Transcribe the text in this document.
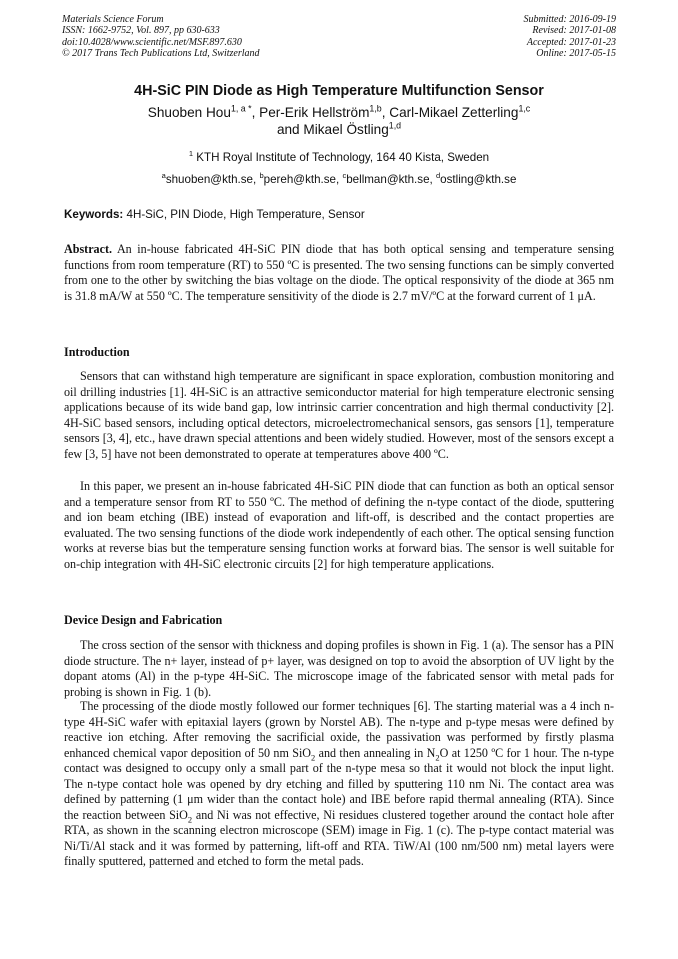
Materials Science Forum
ISSN: 1662-9752, Vol. 897, pp 630-633
doi:10.4028/www.scientific.net/MSF.897.630
© 2017 Trans Tech Publications Ltd, Switzerland
Submitted: 2016-09-19
Revised: 2017-01-08
Accepted: 2017-01-23
Online: 2017-05-15
4H-SiC PIN Diode as High Temperature Multifunction Sensor
Shuoben Hou$^{1, a *}$, Per-Erik Hellström$^{1,b}$, Carl-Mikael Zetterling$^{1,c}$
and Mikael Östling$^{1,d}$
$^1$ KTH Royal Institute of Technology, 164 40 Kista, Sweden
$^a$shuoben@kth.se, $^b$pereh@kth.se, $^c$bellman@kth.se, $^d$ostling@kth.se
Keywords: 4H-SiC, PIN Diode, High Temperature, Sensor

Abstract. An in-house fabricated 4H-SiC PIN diode that has both optical sensing and temperature sensing functions from room temperature (RT) to 550 ºC is presented. The two sensing functions can be simply converted from one to the other by switching the bias voltage on the diode. The optical responsivity of the diode at 365 nm is 31.8 mA/W at 550 ºC. The temperature sensitivity of the diode is 2.7 mV/ºC at the forward current of 1 μA.

Introduction

Sensors that can withstand high temperature are significant in space exploration, combustion monitoring and oil drilling industries [1]. 4H-SiC is an attractive semiconductor material for high temperature electronic sensing applications because of its wide band gap, low intrinsic carrier concentration and high thermal conductivity [2]. 4H-SiC based sensors, including optical detectors, microelectromechanical sensors, gas sensors [1], temperature sensors [3, 4], etc., have drawn special attentions and been widely studied. However, most of the sensors except a few [3, 5] have not been demonstrated to operate at temperatures above 400 ºC.

In this paper, we present an in-house fabricated 4H-SiC PIN diode that can function as both an optical sensor and a temperature sensor from RT to 550 ºC. The method of defining the n-type contact of the diode, sputtering and ion beam etching (IBE) instead of evaporation and lift-off, is described and the contact properties are evaluated. The two sensing functions of the diode work independently of each other. The optical sensing function works at reverse bias but the temperature sensing function works at forward bias. The sensor is well suitable for on-chip integration with 4H-SiC electronic circuits [2] for high temperature applications.

Device Design and Fabrication

The cross section of the sensor with thickness and doping profiles is shown in Fig. 1 (a). The sensor has a PIN diode structure. The n+ layer, instead of p+ layer, was designed on top to avoid the absorption of UV light by the dopant atoms (Al) in the p-type 4H-SiC. The microscope image of the fabricated sensor with metal pads for probing is shown in Fig. 1 (b).

The processing of the diode mostly followed our former techniques [6]. The starting material was a 4 inch n-type 4H-SiC wafer with epitaxial layers (grown by Norstel AB). The n-type and p-type mesas were defined by reactive ion etching. After removing the sacrificial oxide, the passivation was performed by firstly plasma enhanced chemical vapor deposition of 50 nm SiO$_2$ and then annealing in $N_2O$ at 1250 ºC for 1 hour. The n-type contact was designed to occupy only a small part of the n-type mesa so that it would not block the input light. The n-type contact hole was opened by dry etching and filled by sputtering 110 nm Ni. The contact area was defined by patterning (1 μm wider than the contact hole) and IBE before rapid thermal annealing (RTA). Since the reaction between SiO$_2$ and Ni was not effective, Ni residues clustered together around the contact hole after RTA, as shown in the scanning electron microscope (SEM) image in Fig. 1 (c). The p-type contact material was Ni/Ti/Al stack and it was formed by patterning, lift-off and RTA. TiW/Al (100 nm/500 nm) metal layers were finally sputtered, patterned and etched to form the metal pads.
